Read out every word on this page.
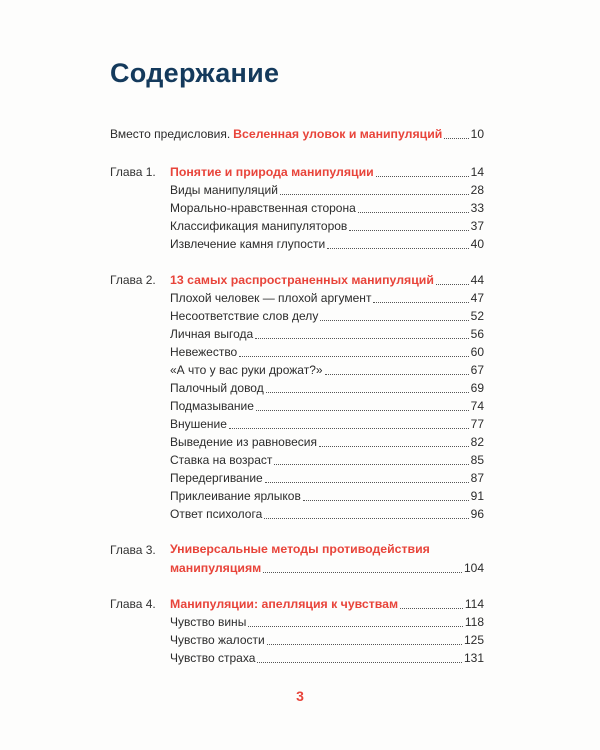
Содержание
Вместо предисловия. Вселенная уловок и манипуляций 10
Глава 1. Понятие и природа манипуляции	14
Виды манипуляций	28
Морально-нравственная сторона	33
Классификация манипуляторов	37
Извлечение камня глупости	40
Глава 2. 13 самых распространенных манипуляций	44
Плохой человек — плохой аргумент	47
Несоответствие слов делу	52
Личная выгода	56
Невежество	60
«А что у вас руки дрожат?»	67
Палочный довод	69
Подмазывание	74
Внушение	77
Выведение из равновесия	82
Ставка на возраст	85
Передергивание	87
Приклеивание ярлыков	91
Ответ психолога	96
Глава 3. Универсальные методы противодействия
манипуляциям	104
Глава 4. Манипуляции: апелляция к чувствам	114
Чувство вины	118
Чувство жалости	125
Чувство страха	131
3
